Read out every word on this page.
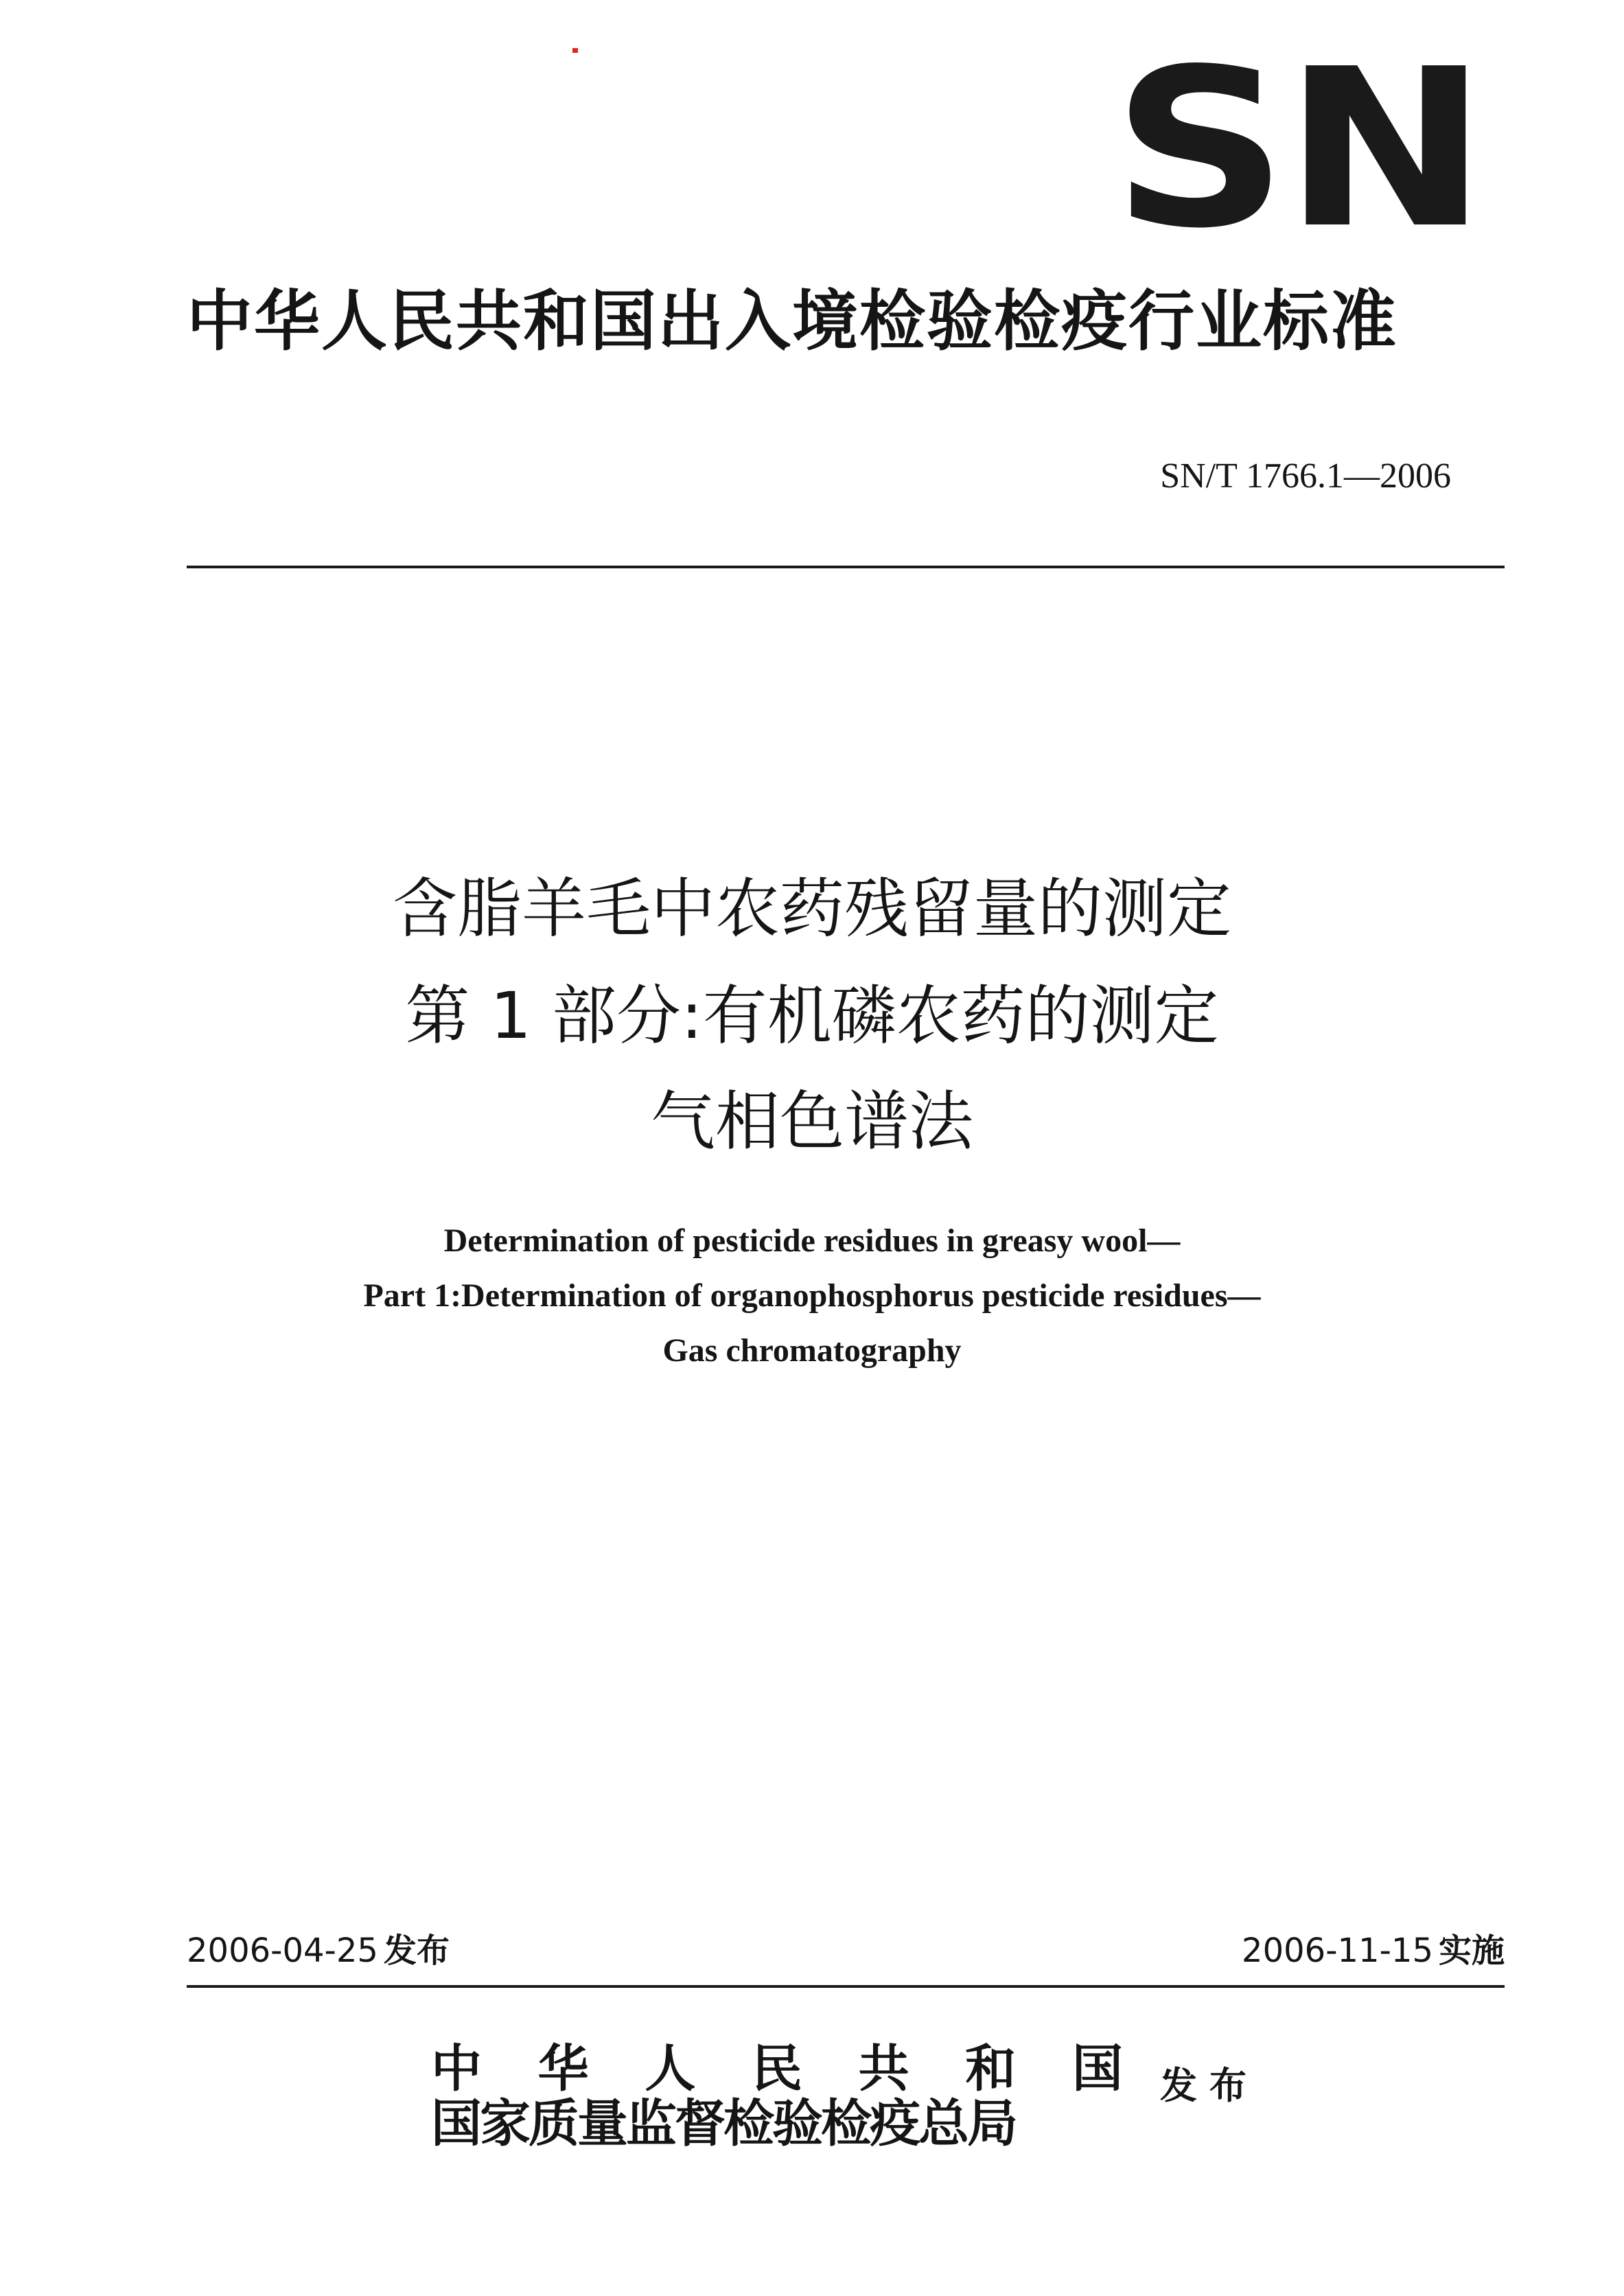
SN
中华人民共和国出入境检验检疫行业标准
SN/T 1766.1—2006
含脂羊毛中农药残留量的测定
第 1 部分:有机磷农药的测定
气相色谱法
Determination of pesticide residues in greasy wool—
Part 1:Determination of organophosphorus pesticide residues—
Gas chromatography
2006-04-25 发布	2006-11-15 实施
中 华 人 民 共 和 国
国家质量监督检验检疫总局
发布
